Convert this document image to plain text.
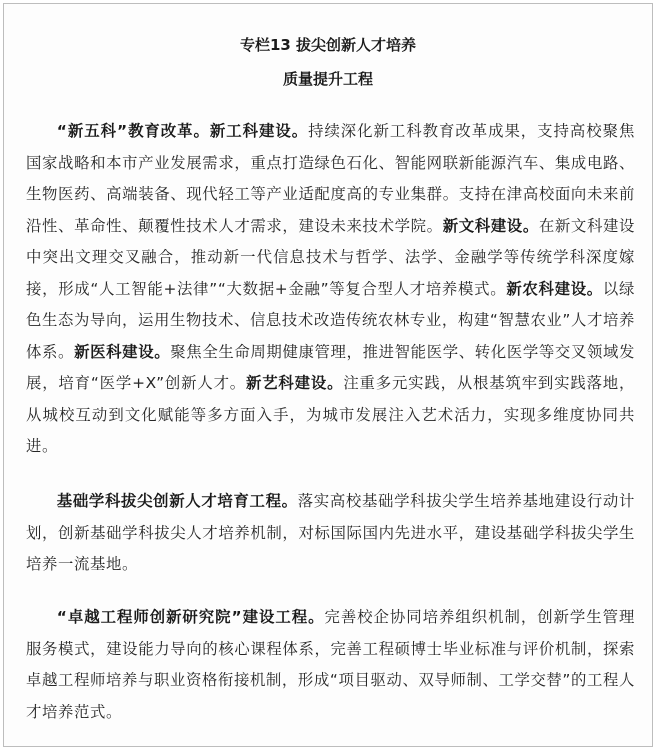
专栏13 拔尖创新人才培养
质量提升工程

“新五科”教育改革。新工科建设。持续深化新工科教育改革成果，支持高校聚焦国家战略和本市产业发展需求，重点打造绿色石化、智能网联新能源汽车、集成电路、生物医药、高端装备、现代轻工等产业适配度高的专业集群。支持在津高校面向未来前沿性、革命性、颠覆性技术人才需求，建设未来技术学院。新文科建设。在新文科建设中突出文理交叉融合，推动新一代信息技术与哲学、法学、金融学等传统学科深度嫁接，形成“人工智能+法律”“大数据+金融”等复合型人才培养模式。新农科建设。以绿色生态为导向，运用生物技术、信息技术改造传统农林专业，构建“智慧农业”人才培养体系。新医科建设。聚焦全生命周期健康管理，推进智能医学、转化医学等交叉领域发展，培育“医学+X”创新人才。新艺科建设。注重多元实践，从根基筑牢到实践落地，从城校互动到文化赋能等多方面入手，为城市发展注入艺术活力，实现多维度协同共进。

基础学科拔尖创新人才培育工程。落实高校基础学科拔尖学生培养基地建设行动计划，创新基础学科拔尖人才培养机制，对标国际国内先进水平，建设基础学科拔尖学生培养一流基地。

“卓越工程师创新研究院”建设工程。完善校企协同培养组织机制，创新学生管理服务模式，建设能力导向的核心课程体系，完善工程硕博士毕业标准与评价机制，探索卓越工程师培养与职业资格衔接机制，形成“项目驱动、双导师制、工学交替”的工程人才培养范式。
